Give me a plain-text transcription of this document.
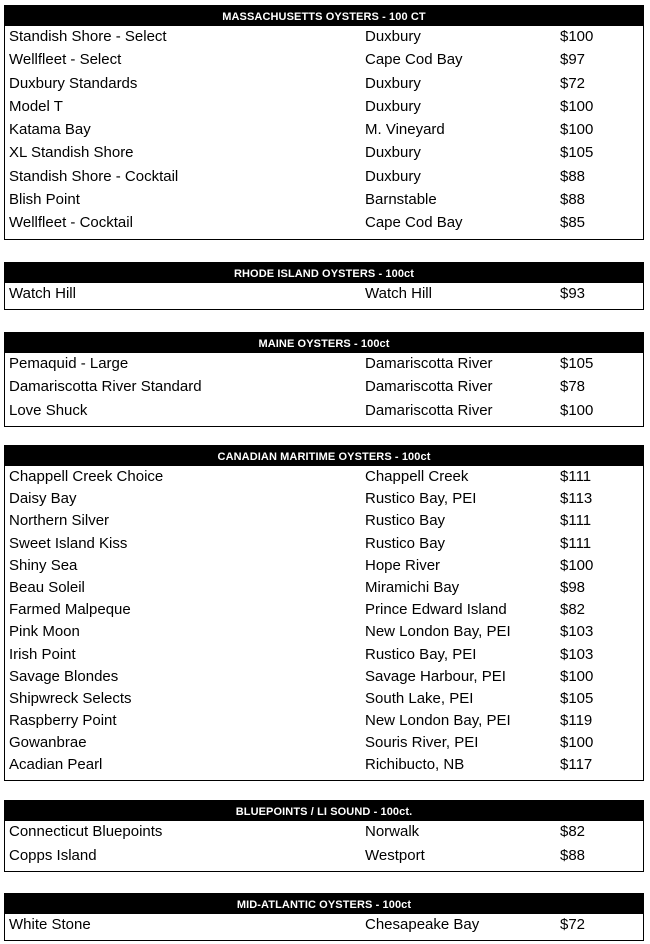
MASSACHUSETTS OYSTERS - 100 CT
Standish Shore - Select	Duxbury	$100
Wellfleet - Select	Cape Cod Bay	$97
Duxbury Standards	Duxbury	$72
Model T	Duxbury	$100
Katama Bay	M. Vineyard	$100
XL Standish Shore	Duxbury	$105
Standish Shore - Cocktail	Duxbury	$88
Blish Point	Barnstable	$88
Wellfleet - Cocktail	Cape Cod Bay	$85
RHODE ISLAND OYSTERS - 100ct
Watch Hill	Watch Hill	$93
MAINE OYSTERS - 100ct
Pemaquid - Large	Damariscotta River	$105
Damariscotta River Standard	Damariscotta River	$78
Love Shuck	Damariscotta River	$100
CANADIAN MARITIME OYSTERS - 100ct
Chappell Creek Choice	Chappell Creek	$111
Daisy Bay	Rustico Bay, PEI	$113
Northern Silver	Rustico Bay	$111
Sweet Island Kiss	Rustico Bay	$111
Shiny Sea	Hope River	$100
Beau Soleil	Miramichi Bay	$98
Farmed Malpeque	Prince Edward Island	$82
Pink Moon	New London Bay, PEI	$103
Irish Point	Rustico Bay, PEI	$103
Savage Blondes	Savage Harbour, PEI	$100
Shipwreck Selects	South Lake, PEI	$105
Raspberry Point	New London Bay, PEI	$119
Gowanbrae	Souris River, PEI	$100
Acadian Pearl	Richibucto, NB	$117
BLUEPOINTS / LI SOUND - 100ct.
Connecticut Bluepoints	Norwalk	$82
Copps Island	Westport	$88
MID-ATLANTIC OYSTERS - 100ct
White Stone	Chesapeake Bay	$72
